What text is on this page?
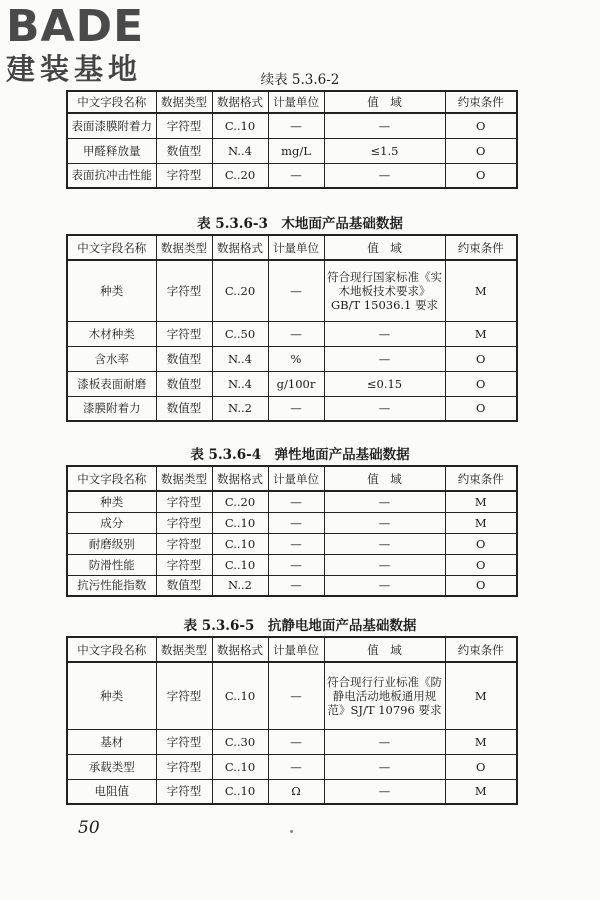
BADE
建装基地	续表 5.3.6-2
中文字段名称	数据类型	数据格式	计量单位	值　域	约束条件
表面漆膜附着力	字符型	C..10	—	—	O
甲醛释放量	数值型	N..4	mg/L	≤1.5	O
表面抗冲击性能	字符型	C..20	—	—	O
表 5.3.6-3　木地面产品基础数据
中文字段名称	数据类型	数据格式	计量单位	值　域	约束条件
种类	字符型	C..20	—	符合现行国家标准《实木地板技术要求》GB/T 15036.1 要求	M
木材种类	字符型	C..50	—	—	M
含水率	数值型	N..4	%	—	O
漆板表面耐磨	数值型	N..4	g/100r	≤0.15	O
漆膜附着力	数值型	N..2	—	—	O
表 5.3.6-4　弹性地面产品基础数据
中文字段名称	数据类型	数据格式	计量单位	值　域	约束条件
种类	字符型	C..20	—	—	M
成分	字符型	C..10	—	—	M
耐磨级别	字符型	C..10	—	—	O
防滑性能	字符型	C..10	—	—	O
抗污性能指数	数值型	N..2	—	—	O
表 5.3.6-5　抗静电地面产品基础数据
中文字段名称	数据类型	数据格式	计量单位	值　域	约束条件
种类	字符型	C..10	—	符合现行行业标准《防静电活动地板通用规范》SJ/T 10796 要求	M
基材	字符型	C..30	—	—	M
承载类型	字符型	C..10	—	—	O
电阻值	字符型	C..10	Ω	—	M
50
